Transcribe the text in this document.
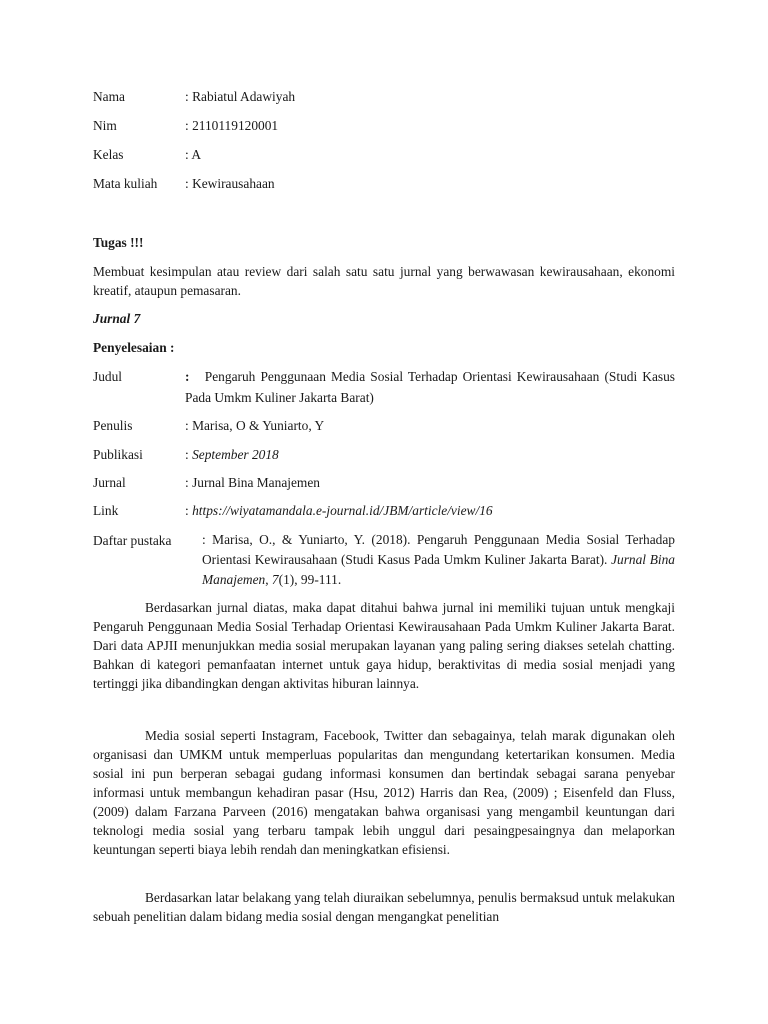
Nama	: Rabiatul Adawiyah
Nim	: 2110119120001
Kelas	: A
Mata kuliah : Kewirausahaan
Tugas !!!

Membuat kesimpulan atau review dari salah satu satu jurnal yang berwawasan kewirausahaan, ekonomi kreatif, ataupun pemasaran.

Jurnal 7
Penyelesaian :
Judul	: Pengaruh Penggunaan Media Sosial Terhadap Orientasi Kewirausahaan (Studi Kasus Pada Umkm Kuliner Jakarta Barat)

Penulis	: Marisa, O & Yuniarto, Y
Publikasi	: September 2018
Jurnal	: Jurnal Bina Manajemen
Link	: https://wiyatamandala.e-journal.id/JBM/article/view/16
Daftar pustaka : Marisa, O., & Yuniarto, Y. (2018). Pengaruh Penggunaan Media Sosial Terhadap Orientasi Kewirausahaan (Studi Kasus Pada Umkm Kuliner Jakarta Barat). Jurnal Bina Manajemen, 7(1), 99-111.

Berdasarkan jurnal diatas, maka dapat ditahui bahwa jurnal ini memiliki tujuan untuk mengkaji Pengaruh Penggunaan Media Sosial Terhadap Orientasi Kewirausahaan Pada Umkm Kuliner Jakarta Barat. Dari data APJII menunjukkan media sosial merupakan layanan yang paling sering diakses setelah chatting. Bahkan di kategori pemanfaatan internet untuk gaya hidup, beraktivitas di media sosial menjadi yang tertinggi jika dibandingkan dengan aktivitas hiburan lainnya.

Media sosial seperti Instagram, Facebook, Twitter dan sebagainya, telah marak digunakan oleh organisasi dan UMKM untuk memperluas popularitas dan mengundang ketertarikan konsumen. Media sosial ini pun berperan sebagai gudang informasi konsumen dan bertindak sebagai sarana penyebar informasi untuk membangun kehadiran pasar (Hsu, 2012) Harris dan Rea, (2009) ; Eisenfeld dan Fluss, (2009) dalam Farzana Parveen (2016) mengatakan bahwa organisasi yang mengambil keuntungan dari teknologi media sosial yang terbaru tampak lebih unggul dari pesaingpesaingnya dan melaporkan keuntungan seperti biaya lebih rendah dan meningkatkan efisiensi.

Berdasarkan latar belakang yang telah diuraikan sebelumnya, penulis bermaksud untuk melakukan sebuah penelitian dalam bidang media sosial dengan mengangkat penelitian
